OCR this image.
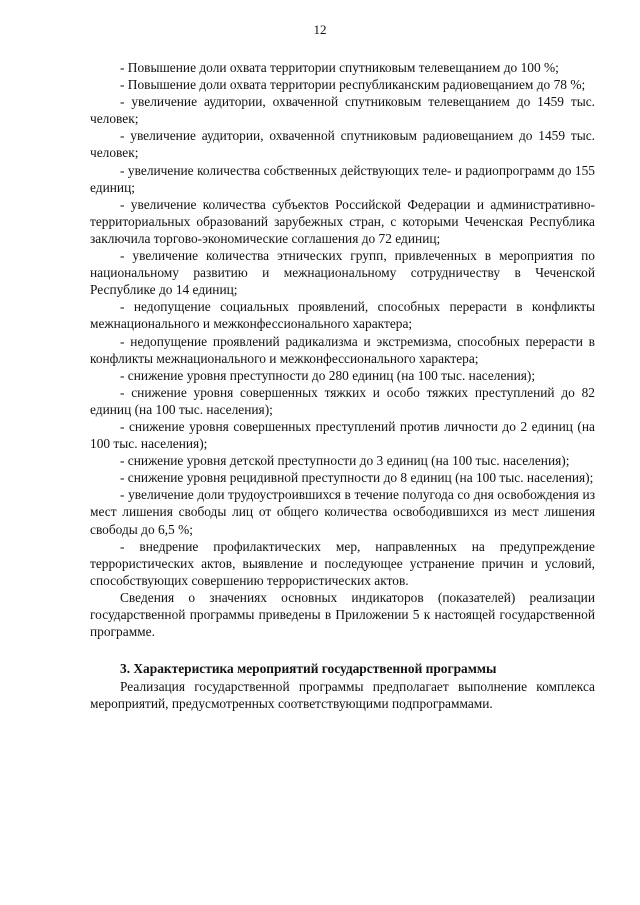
12

- Повышение доли охвата территории спутниковым телевещанием до 100 %;

- Повышение доли охвата территории республиканским радиовещанием до 78 %;

- увеличение аудитории, охваченной спутниковым телевещанием до 1459 тыс. человек;

- увеличение аудитории, охваченной спутниковым радиовещанием до 1459 тыс. человек;

- увеличение количества собственных действующих теле- и радиопрограмм до 155 единиц;

- увеличение количества субъектов Российской Федерации и административно-территориальных образований зарубежных стран, с которыми Чеченская Республика заключила торгово-экономические соглашения до 72 единиц;

- увеличение количества этнических групп, привлеченных в мероприятия по национальному развитию и межнациональному сотрудничеству в Чеченской Республике до 14 единиц;

- недопущение социальных проявлений, способных перерасти в конфликты межнационального и межконфессионального характера;

- недопущение проявлений радикализма и экстремизма, способных перерасти в конфликты межнационального и межконфессионального характера;

- снижение уровня преступности до 280 единиц (на 100 тыс. населения);

- снижение уровня совершенных тяжких и особо тяжких преступлений до 82 единиц (на 100 тыс. населения);

- снижение уровня совершенных преступлений против личности до 2 единиц (на 100 тыс. населения);

- снижение уровня детской преступности до 3 единиц (на 100 тыс. населения);

- снижение уровня рецидивной преступности до 8 единиц (на 100 тыс. населения);

- увеличение доли трудоустроившихся в течение полугода со дня освобождения из мест лишения свободы лиц от общего количества освободившихся из мест лишения свободы до 6,5 %;

- внедрение профилактических мер, направленных на предупреждение террористических актов, выявление и последующее устранение причин и условий, способствующих совершению террористических актов.

Сведения о значениях основных индикаторов (показателей) реализации государственной программы приведены в Приложении 5 к настоящей государственной программе.

3. Характеристика мероприятий государственной программы

Реализация государственной программы предполагает выполнение комплекса мероприятий, предусмотренных соответствующими подпрограммами.
